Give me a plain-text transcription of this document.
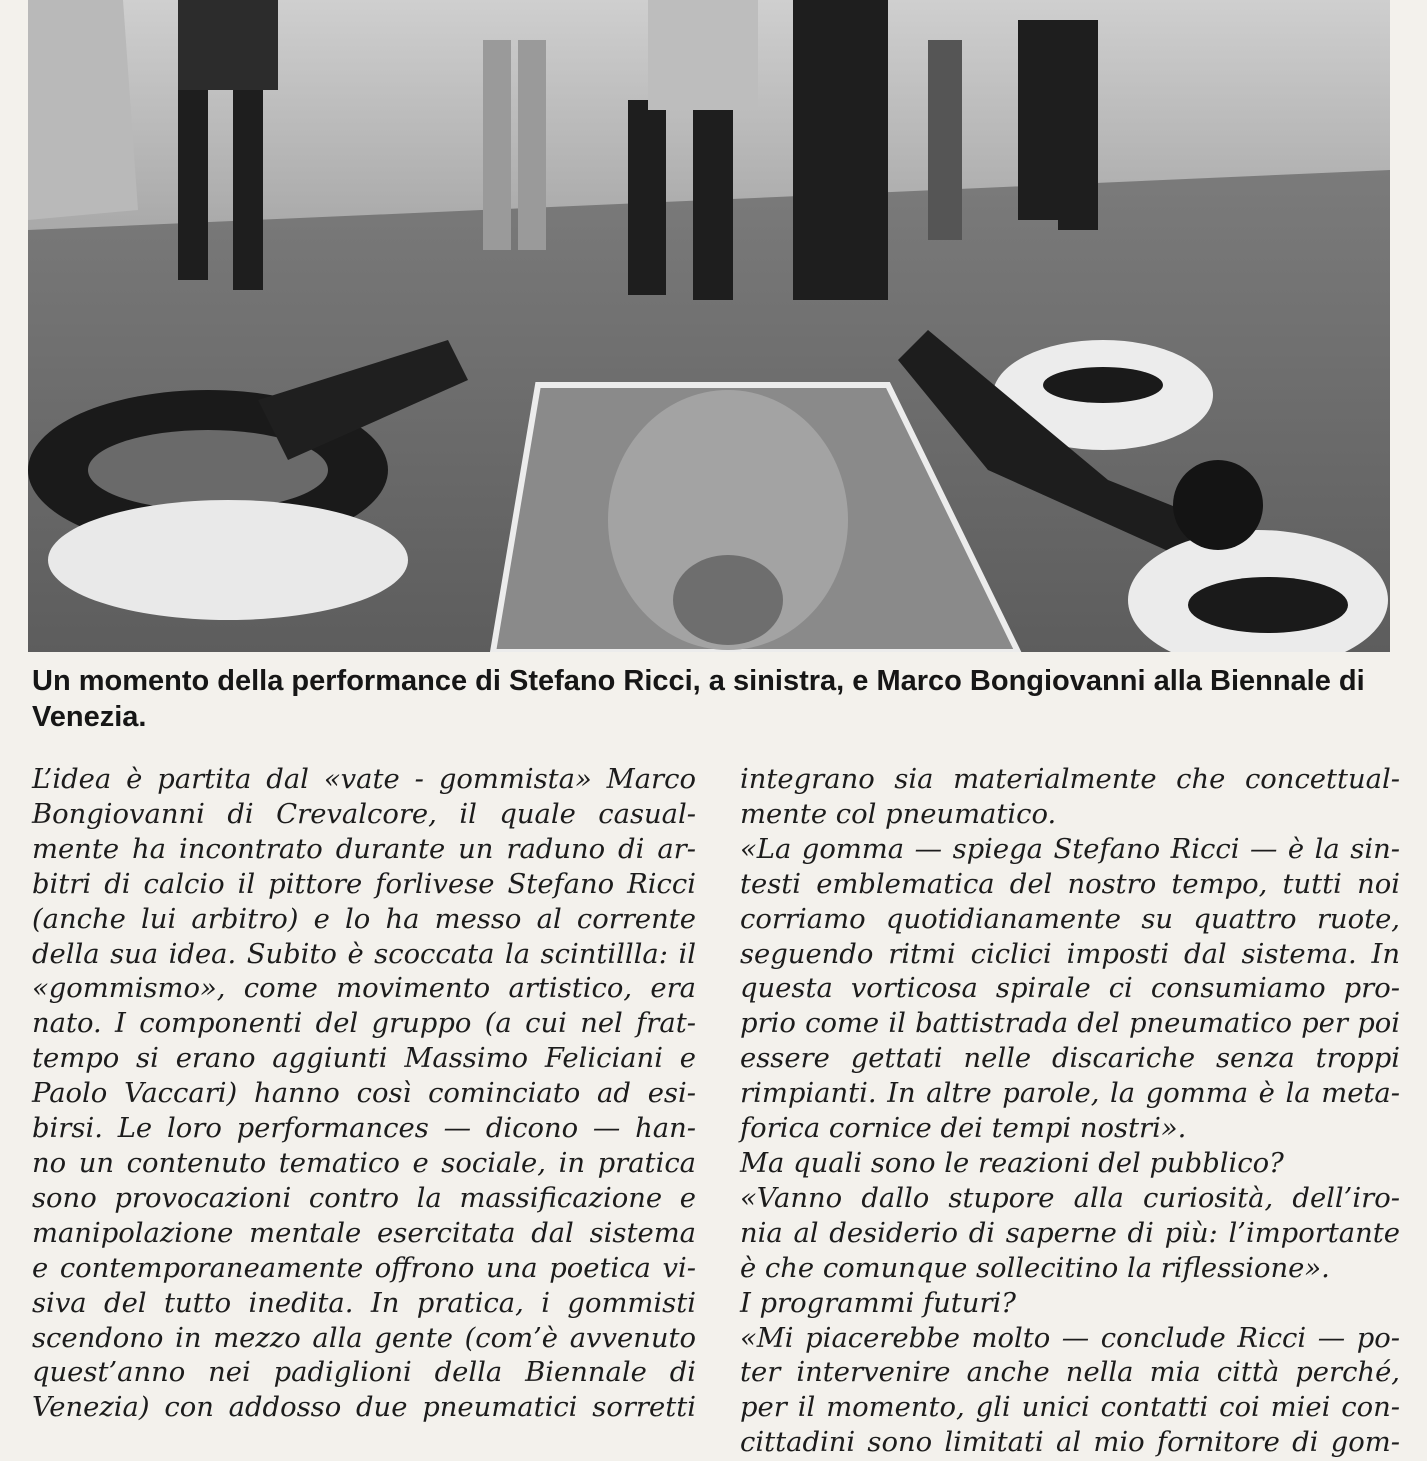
Un momento della performance di Stefano Ricci, a sinistra, e Marco Bongiovanni alla Biennale di Venezia.

L’idea è partita dal «vate - gommista» Marco

Bongiovanni di Crevalcore, il quale casual-

mente ha incontrato durante un raduno di ar-

bitri di calcio il pittore forlivese Stefano Ricci

(anche lui arbitro) e lo ha messo al corrente

della sua idea. Subito è scoccata la scintillla: il

«gommismo», come movimento artistico, era

nato. I componenti del gruppo (a cui nel frat-

tempo si erano aggiunti Massimo Feliciani e

Paolo Vaccari) hanno così cominciato ad esi-

birsi. Le loro performances — dicono — han-

no un contenuto tematico e sociale, in pratica

sono provocazioni contro la massificazione e

manipolazione mentale esercitata dal sistema

e contemporaneamente offrono una poetica vi-

siva del tutto inedita. In pratica, i gommisti

scendono in mezzo alla gente (com’è avvenuto

quest’anno nei padiglioni della Biennale di

Venezia) con addosso due pneumatici sorretti

integrano sia materialmente che concettual-

mente col pneumatico.

«La gomma — spiega Stefano Ricci — è la sin-

testi emblematica del nostro tempo, tutti noi

corriamo quotidianamente su quattro ruote,

seguendo ritmi ciclici imposti dal sistema. In

questa vorticosa spirale ci consumiamo pro-

prio come il battistrada del pneumatico per poi

essere gettati nelle discariche senza troppi

rimpianti. In altre parole, la gomma è la meta-

forica cornice dei tempi nostri».

Ma quali sono le reazioni del pubblico?

«Vanno dallo stupore alla curiosità, dell’iro-

nia al desiderio di saperne di più: l’importante

è che comunque sollecitino la riflessione».

I programmi futuri?

«Mi piacerebbe molto — conclude Ricci — po-

ter intervenire anche nella mia città perché,

per il momento, gli unici contatti coi miei con-

cittadini sono limitati al mio fornitore di gom-
